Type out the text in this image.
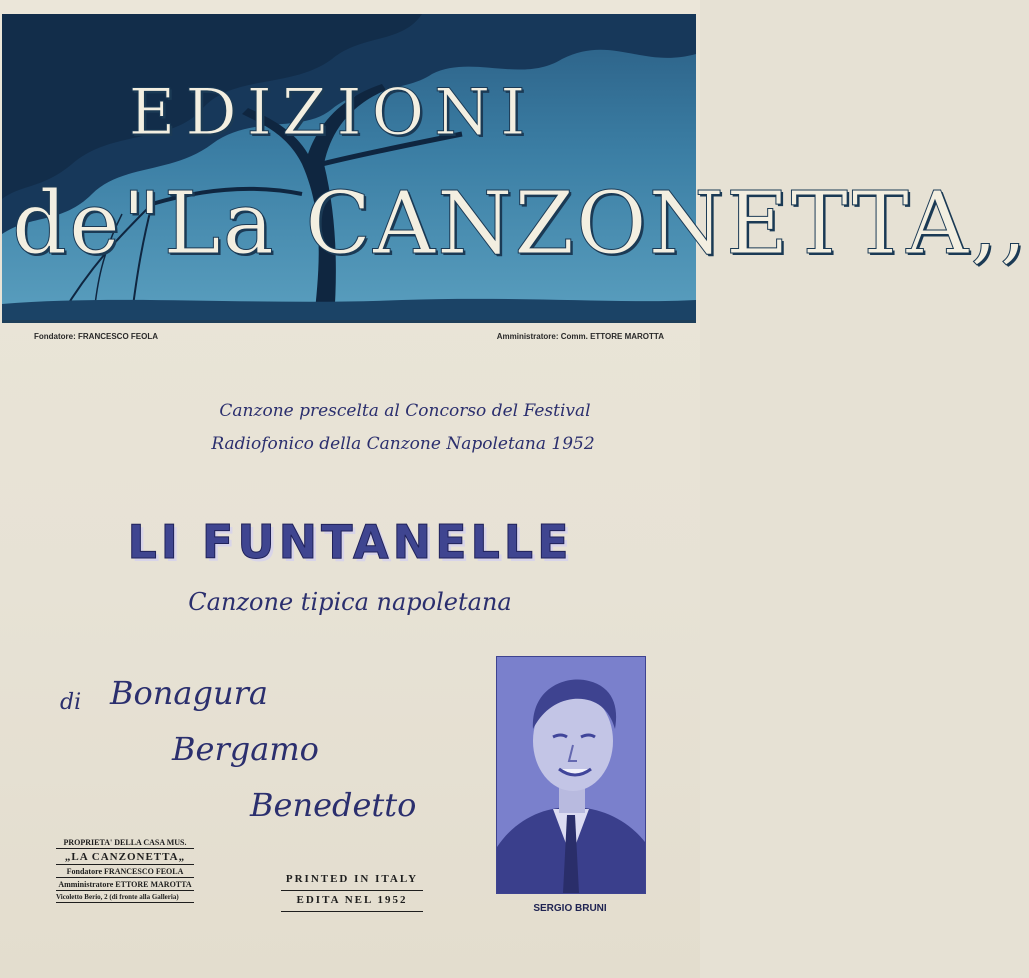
EDIZIONI
de"La CANZONETTA,,
Fondatore: FRANCESCO FEOLA	Amministratore: Comm. ETTORE MAROTTA
Canzone prescelta al Concorso del Festival
Radiofonico della Canzone Napoletana 1952
LI FUNTANELLE
Canzone tipica napoletana
di Bonagura
Bergamo
Benedetto
SERGIO BRUNI
PROPRIETA' DELLA CASA MUS.
„LA CANZONETTA„
Fondatore FRANCESCO FEOLA
Amministratore ETTORE MAROTTA
Vicoletto Berio, 2 (di fronte alla Galleria)
PRINTED IN ITALY
EDITA NEL 1952
